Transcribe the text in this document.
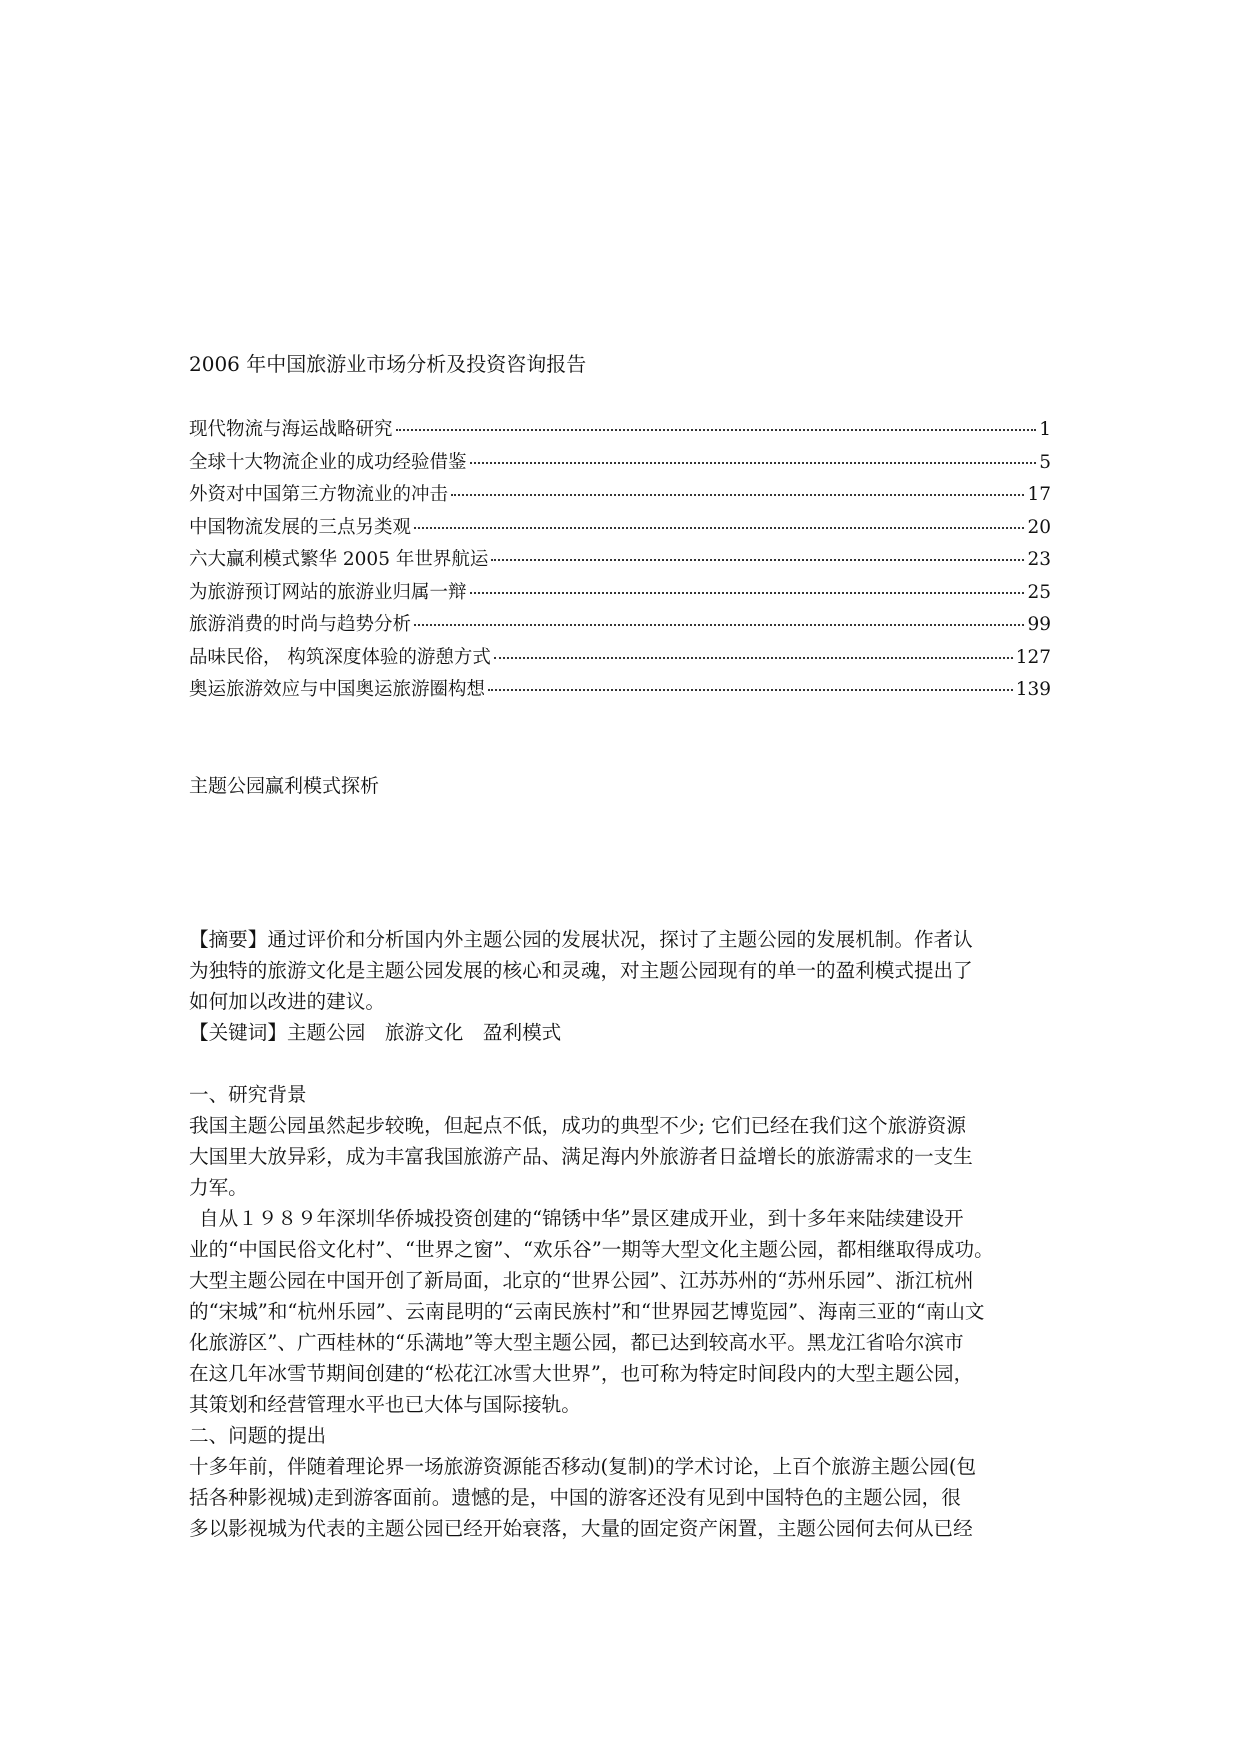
2006 年中国旅游业市场分析及投资咨询报告
现代物流与海运战略研究	1
全球十大物流企业的成功经验借鉴	5
外资对中国第三方物流业的冲击	17
中国物流发展的三点另类观	20
六大赢利模式繁华 2005 年世界航运	23
为旅游预订网站的旅游业归属一辩	25
旅游消费的时尚与趋势分析	99
品味民俗， 构筑深度体验的游憩方式	127
奥运旅游效应与中国奥运旅游圈构想	139
主题公园赢利模式探析
【摘要】通过评价和分析国内外主题公园的发展状况，探讨了主题公园的发展机制。作者认
为独特的旅游文化是主题公园发展的核心和灵魂，对主题公园现有的单一的盈利模式提出了
如何加以改进的建议。
【关键词】主题公园　旅游文化　盈利模式
一、研究背景
我国主题公园虽然起步较晚，但起点不低，成功的典型不少; 它们已经在我们这个旅游资源
大国里大放异彩，成为丰富我国旅游产品、满足海内外旅游者日益增长的旅游需求的一支生
力军。
自从１９８９年深圳华侨城投资创建的“锦锈中华”景区建成开业，到十多年来陆续建设开
业的“中国民俗文化村”、“世界之窗”、“欢乐谷”一期等大型文化主题公园，都相继取得成功。
大型主题公园在中国开创了新局面，北京的“世界公园”、江苏苏州的“苏州乐园”、浙江杭州
的“宋城”和“杭州乐园”、云南昆明的“云南民族村”和“世界园艺博览园”、海南三亚的“南山文
化旅游区”、广西桂林的“乐满地”等大型主题公园，都已达到较高水平。黑龙江省哈尔滨市
在这几年冰雪节期间创建的“松花江冰雪大世界”，也可称为特定时间段内的大型主题公园，
其策划和经营管理水平也已大体与国际接轨。
二、问题的提出
十多年前，伴随着理论界一场旅游资源能否移动(复制)的学术讨论，上百个旅游主题公园(包
括各种影视城)走到游客面前。遗憾的是，中国的游客还没有见到中国特色的主题公园，很
多以影视城为代表的主题公园已经开始衰落，大量的固定资产闲置，主题公园何去何从已经
